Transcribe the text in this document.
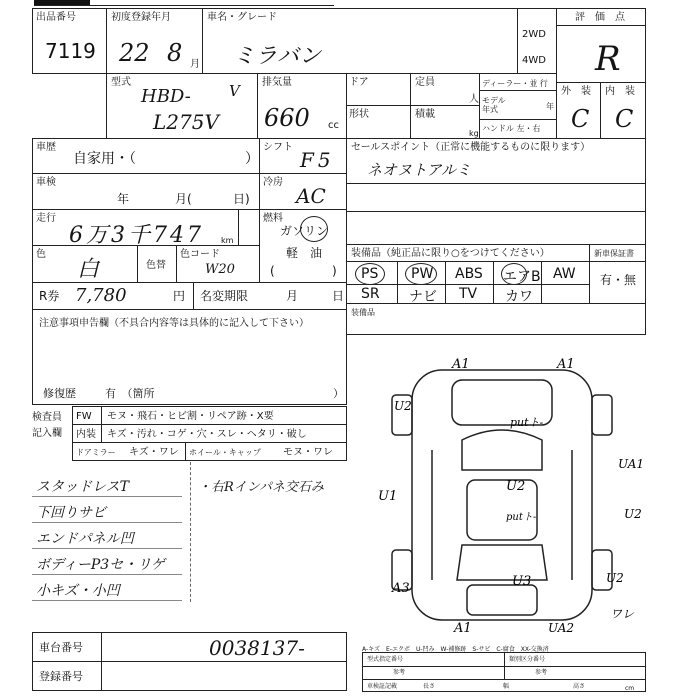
出品番号
7119
初度登録年月
22 8 月
車名・グレード
ミラバン
2WD
4WD
評　価　点
R
型式
HBD-	V
L275V
排気量
660 cc
ドア	定員
人
ディーラー・並 行
モデル
年式	年
ハンドル 左・右
形状	積載
kg
外　装
C
内　装
C
車歴
自家用・（	）
車検
年	月(	日)
走行
6万3千747 km
色
白	色替
色コード
W20
シフト
F5
冷房
AC
燃料
ガソリン
軽　油
(	)
セールスポイント（正常に機能するものに限ります）
ネオヌトアルミ
装備品（純正品に限り○をつけてください）
PS PW ABS エアB AW
SR ナビ TV カワ
新車保証書
有・無
R券 7,780	円 名変期限	月	日
装備品
注意事項申告欄（不具合内容等は具体的に記入して下さい）
修復歴	有　（箇所	）
検査員
記入欄
FW モヌ・飛石・ヒビ割・リペア跡・X要
内装 キズ・汚れ・コゲ・穴・スレ・ヘタリ・破し
ドアミラー キズ・ワレ ホイール・キャップ モヌ・ワレ
スタッドレスT
下回りサビ
エンドパネル凹
ボディーP3セ・リゲ
小キズ・小凹
・右Rインパネ交石み
A1	A1
U2
putト-
UA1
U1
U2
U2
putト-
U3
A3
U2
A1	UA2
ワレ
A-キズ　E-エクボ　U-凹み　W-補修跡　S-サビ　C-腐食　XX-交換済
車台番号	0038137-
登録番号
型式指定番号	類別区分番号
参考	参考
車検証記載	長さ	幅	高さ	cm
